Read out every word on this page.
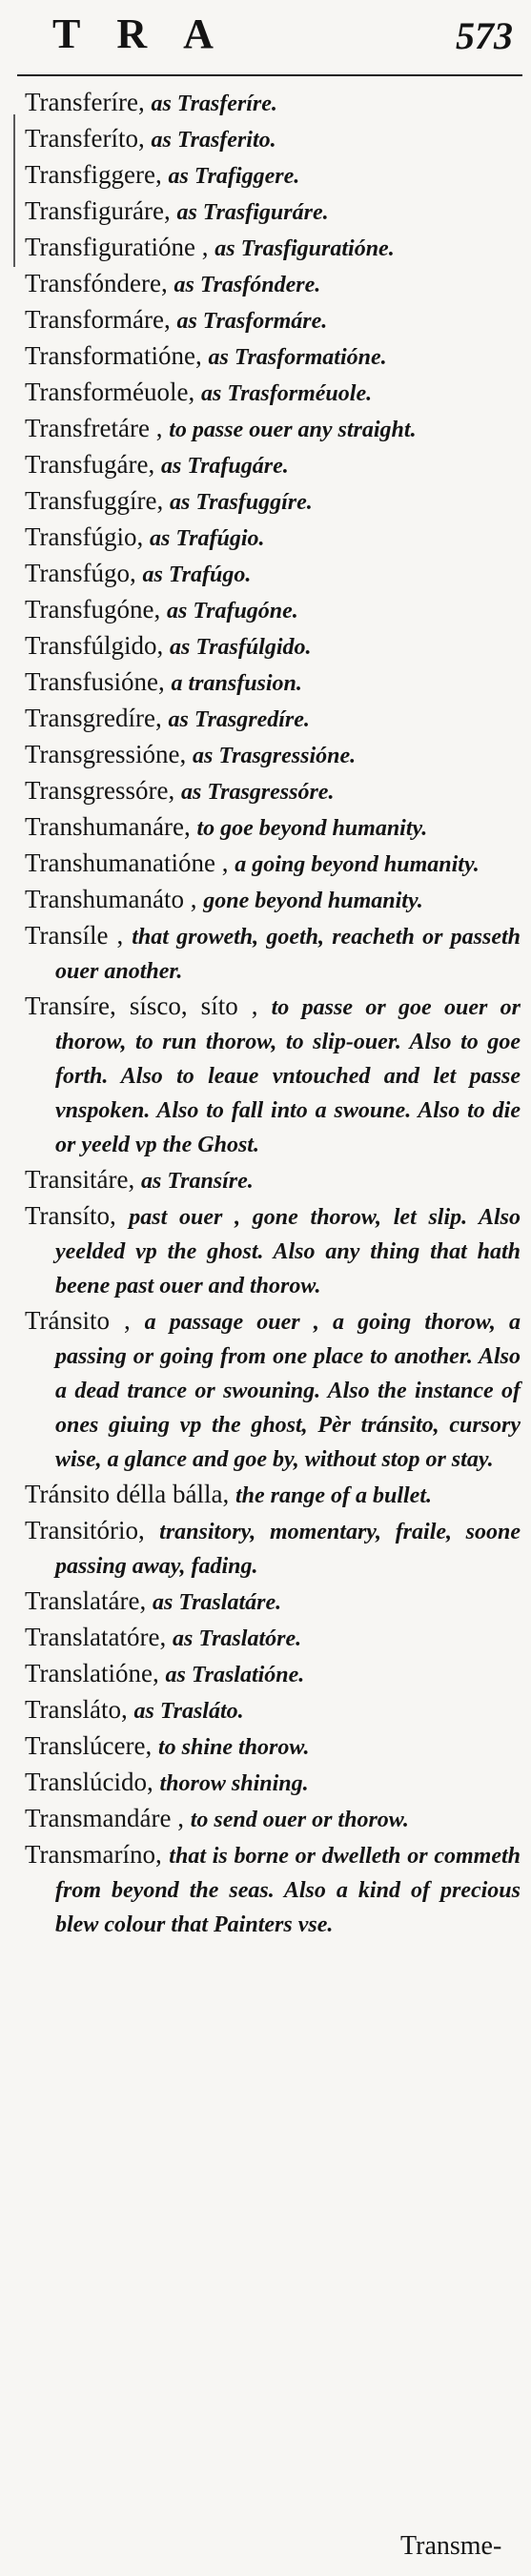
TRA	573
Transferíre, as Trasferíre.
Transferíto, as Trasferito.
Transfiggere, as Trafiggere.
Transfiguráre, as Trasfiguráre.
Transfiguratióne , as Trasfiguratióne.
Transfóndere, as Trasfóndere.
Transformáre, as Trasformáre.
Transformatióne, as Trasformatióne.
Transforméuole, as Trasforméuole.
Transfretáre , to passe ouer any straight.
Transfugáre, as Trafugáre.
Transfuggíre, as Trasfuggíre.
Transfúgio, as Trafúgio.
Transfúgo, as Trafúgo.
Transfugóne, as Trafugóne.
Transfúlgido, as Trasfúlgido.
Transfusióne, a transfusion.
Transgredíre, as Trasgredíre.
Transgressióne, as Trasgressióne.
Transgressóre, as Trasgressóre.
Transhumanáre, to goe beyond humanity.
Transhumanatióne , a going beyond humanity.
Transhumanáto , gone beyond humanity.
Transíle , that groweth, goeth, reacheth or passeth ouer another.
Transíre, sísco, síto , to passe or goe ouer or thorow, to run thorow, to slip-ouer. Also to goe forth. Also to leaue vntouched and let passe vnspoken. Also to fall into a swoune. Also to die or yeeld vp the Ghost.
Transitáre, as Transíre.
Transíto, past ouer , gone thorow, let slip. Also yeelded vp the ghost. Also any thing that hath beene past ouer and thorow.
Tránsito , a passage ouer , a going thorow, a passing or going from one place to another. Also a dead trance or swouning. Also the instance of ones giuing vp the ghost, Pèr tránsito, cursory wise, a glance and goe by, without stop or stay.
Tránsito délla bálla, the range of a bullet.
Transitório, transitory, momentary, fraile, soone passing away, fading.
Translatáre, as Traslatáre.
Translatatóre, as Traslatóre.
Translatióne, as Traslatióne.
Transláto, as Trasláto.
Translúcere, to shine thorow.
Translúcido, thorow shining.
Transmandáre , to send ouer or thorow.
Transmaríno, that is borne or dwelleth or commeth from beyond the seas. Also a kind of precious blew colour that Painters vse.
Transme-
